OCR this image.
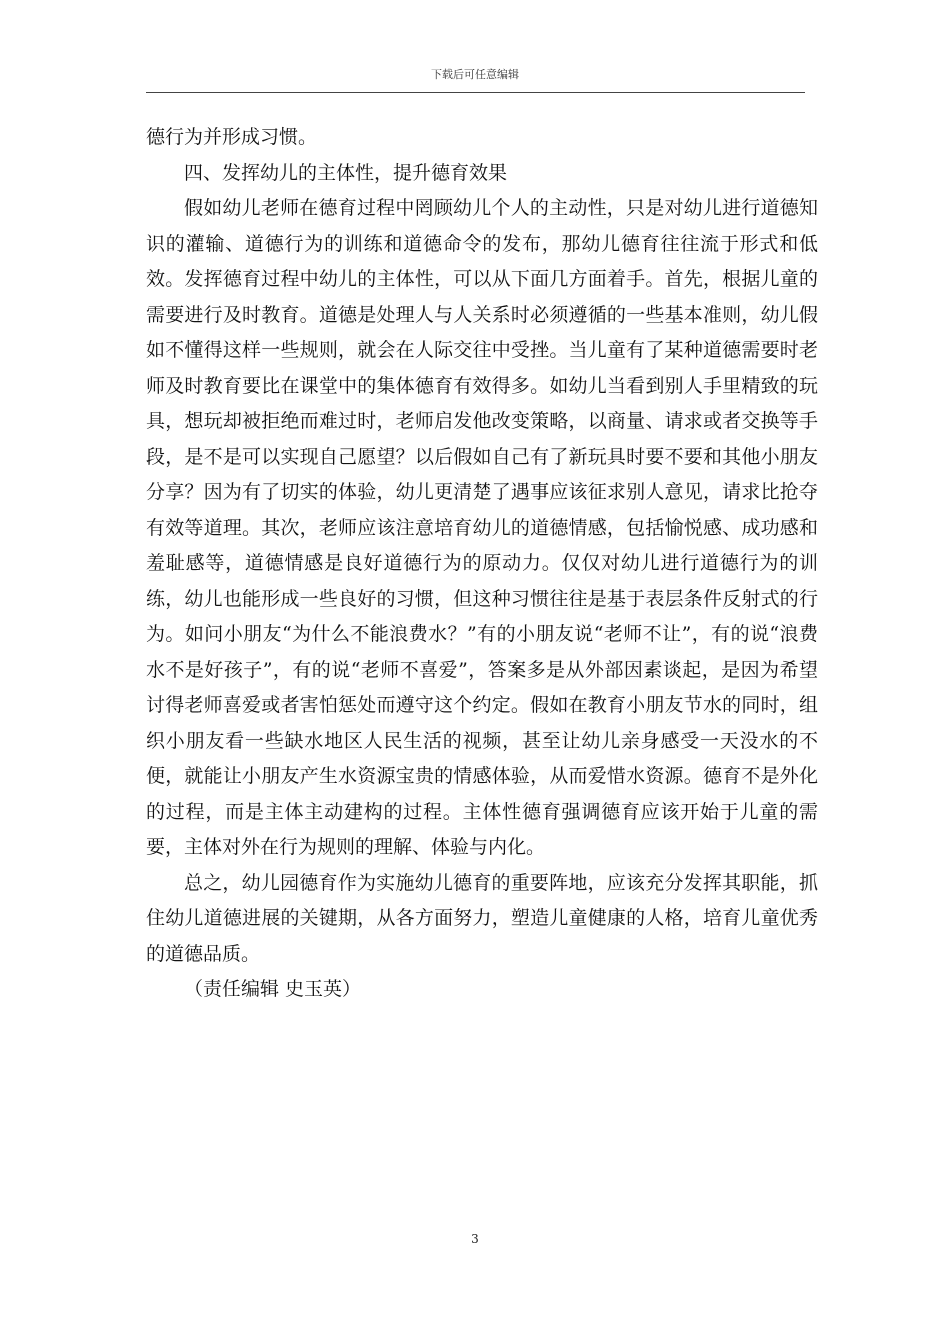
下载后可任意编辑

德行为并形成习惯。

四、发挥幼儿的主体性，提升德育效果

假如幼儿老师在德育过程中罔顾幼儿个人的主动性，只是对幼儿进行道德知识的灌输、道德行为的训练和道德命令的发布，那幼儿德育往往流于形式和低效。发挥德育过程中幼儿的主体性，可以从下面几方面着手。首先，根据儿童的需要进行及时教育。道德是处理人与人关系时必须遵循的一些基本准则，幼儿假如不懂得这样一些规则，就会在人际交往中受挫。当儿童有了某种道德需要时老师及时教育要比在课堂中的集体德育有效得多。如幼儿当看到别人手里精致的玩具，想玩却被拒绝而难过时，老师启发他改变策略，以商量、请求或者交换等手段，是不是可以实现自己愿望？以后假如自己有了新玩具时要不要和其他小朋友分享？因为有了切实的体验，幼儿更清楚了遇事应该征求别人意见，请求比抢夺有效等道理。其次，老师应该注意培育幼儿的道德情感，包括愉悦感、成功感和羞耻感等，道德情感是良好道德行为的原动力。仅仅对幼儿进行道德行为的训练，幼儿也能形成一些良好的习惯，但这种习惯往往是基于表层条件反射式的行为。如问小朋友“为什么不能浪费水？”有的小朋友说“老师不让”，有的说“浪费水不是好孩子”，有的说“老师不喜爱”，答案多是从外部因素谈起，是因为希望讨得老师喜爱或者害怕惩处而遵守这个约定。假如在教育小朋友节水的同时，组织小朋友看一些缺水地区人民生活的视频，甚至让幼儿亲身感受一天没水的不便，就能让小朋友产生水资源宝贵的情感体验，从而爱惜水资源。德育不是外化的过程，而是主体主动建构的过程。主体性德育强调德育应该开始于儿童的需要，主体对外在行为规则的理解、体验与内化。

总之，幼儿园德育作为实施幼儿德育的重要阵地，应该充分发挥其职能，抓住幼儿道德进展的关键期，从各方面努力，塑造儿童健康的人格，培育儿童优秀的道德品质。

（责任编辑 史玉英）

3
